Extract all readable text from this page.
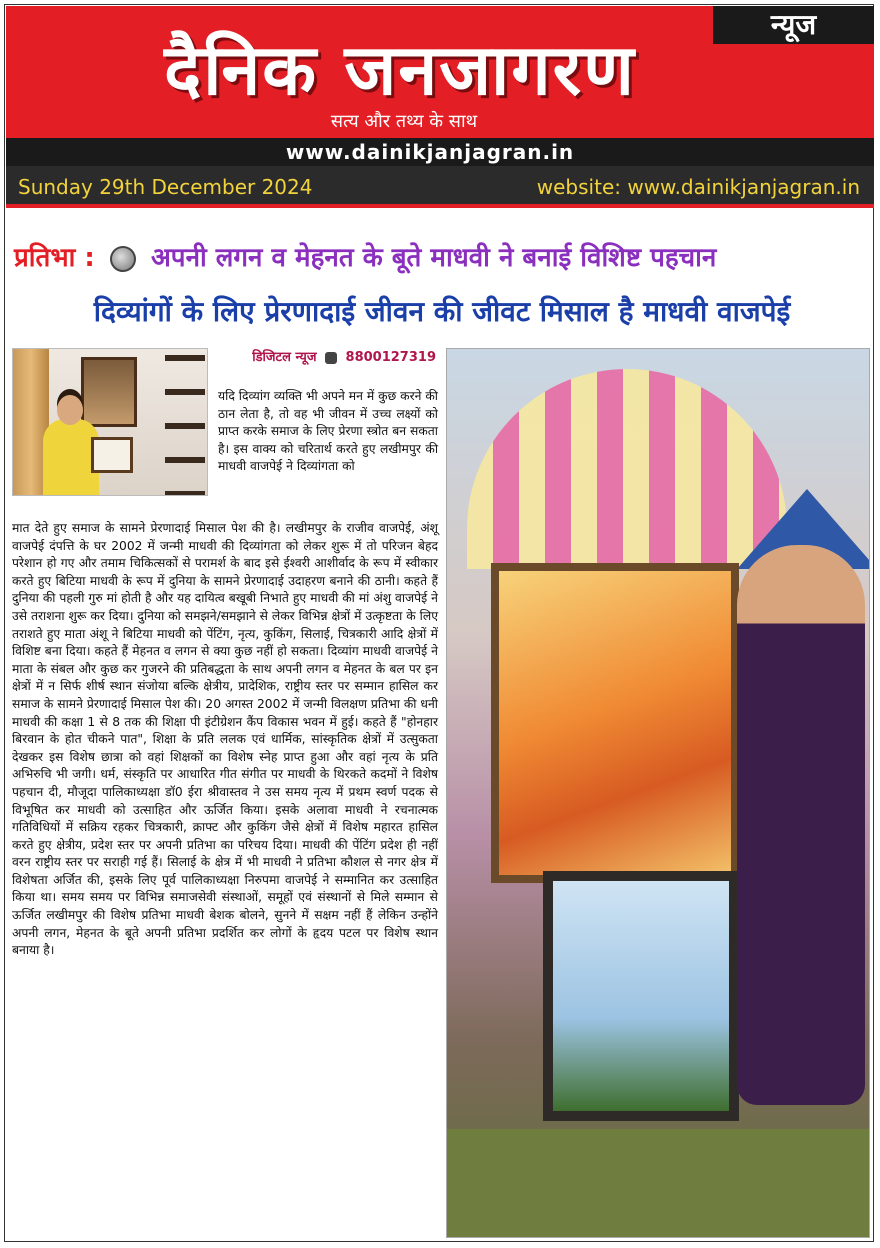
न्यूज
दैनिक जनजागरण
सत्य और तथ्य के साथ
www.dainikjanjagran.in
Sunday 29th December 2024	website: www.dainikjanjagran.in
प्रतिभा : अपनी लगन व मेहनत के बूते माधवी ने बनाई विशिष्ट पहचान
दिव्यांगों के लिए प्रेरणादाई जीवन की जीवट मिसाल है माधवी वाजपेई
डिजिटल न्यूज 8800127319
यदि दिव्यांग व्यक्ति भी अपने मन में कुछ करने की ठान लेता है, तो वह भी जीवन में उच्च लक्ष्यों को प्राप्त करके समाज के लिए प्रेरणा स्त्रोत बन सकता है। इस वाक्य को चरितार्थ करते हुए लखीमपुर की माधवी वाजपेई ने दिव्यांगता को
मात देते हुए समाज के सामने प्रेरणादाई मिसाल पेश की है। लखीमपुर के राजीव वाजपेई, अंशू वाजपेई दंपत्ति के घर 2002 में जन्मी माधवी की दिव्यांगता को लेकर शुरू में तो परिजन बेहद परेशान हो गए और तमाम चिकित्सकों से परामर्श के बाद इसे ईश्वरी आशीर्वाद के रूप में स्वीकार करते हुए बिटिया माधवी के रूप में दुनिया के सामने प्रेरणादाई उदाहरण बनाने की ठानी। कहते हैं दुनिया की पहली गुरु मां होती है और यह दायित्व बखूबी निभाते हुए माधवी की मां अंशु वाजपेई ने उसे तराशना शुरू कर दिया। दुनिया को समझने/समझाने से लेकर विभिन्न क्षेत्रों में उत्कृष्टता के लिए तराशते हुए माता अंशू ने बिटिया माधवी को पेंटिंग, नृत्य, कुकिंग, सिलाई, चित्रकारी आदि क्षेत्रों में विशिष्ट बना दिया। कहते हैं मेहनत व लगन से क्या कुछ नहीं हो सकता। दिव्यांग माधवी वाजपेई ने माता के संबल और कुछ कर गुजरने की प्रतिबद्धता के साथ अपनी लगन व मेहनत के बल पर इन क्षेत्रों में न सिर्फ शीर्ष स्थान संजोया बल्कि क्षेत्रीय, प्रादेशिक, राष्ट्रीय स्तर पर सम्मान हासिल कर समाज के सामने प्रेरणादाई मिसाल पेश की। 20 अगस्त 2002 में जन्मी विलक्षण प्रतिभा की धनी माधवी की कक्षा 1 से 8 तक की शिक्षा पी इंटीग्रेशन कैंप विकास भवन में हुई। कहते हैं "होनहार बिरवान के होत चीकने पात", शिक्षा के प्रति ललक एवं धार्मिक, सांस्कृतिक क्षेत्रों में उत्सुकता देखकर इस विशेष छात्रा को वहां शिक्षकों का विशेष स्नेह प्राप्त हुआ और वहां नृत्य के प्रति अभिरुचि भी जगी। धर्म, संस्कृति पर आधारित गीत संगीत पर माधवी के थिरकते कदमों ने विशेष पहचान दी, मौजूदा पालिकाध्यक्षा डॉ0 ईरा श्रीवास्तव ने उस समय नृत्य में प्रथम स्वर्ण पदक से विभूषित कर माधवी को उत्साहित और ऊर्जित किया। इसके अलावा माधवी ने रचनात्मक गतिविधियों में सक्रिय रहकर चित्रकारी, क्राफ्ट और कुकिंग जैसे क्षेत्रों में विशेष महारत हासिल करते हुए क्षेत्रीय, प्रदेश स्तर पर अपनी प्रतिभा का परिचय दिया। माधवी की पेंटिंग प्रदेश ही नहीं वरन राष्ट्रीय स्तर पर सराही गई हैं। सिलाई के क्षेत्र में भी माधवी ने प्रतिभा कौशल से नगर क्षेत्र में विशेषता अर्जित की, इसके लिए पूर्व पालिकाध्यक्षा निरुपमा वाजपेई ने सम्मानित कर उत्साहित किया था। समय समय पर विभिन्न समाजसेवी संस्थाओं, समूहों एवं संस्थानों से मिले सम्मान से ऊर्जित लखीमपुर की विशेष प्रतिभा माधवी बेशक बोलने, सुनने में सक्षम नहीं हैं लेकिन उन्होंने अपनी लगन, मेहनत के बूते अपनी प्रतिभा प्रदर्शित कर लोगों के हृदय पटल पर विशेष स्थान बनाया है।
